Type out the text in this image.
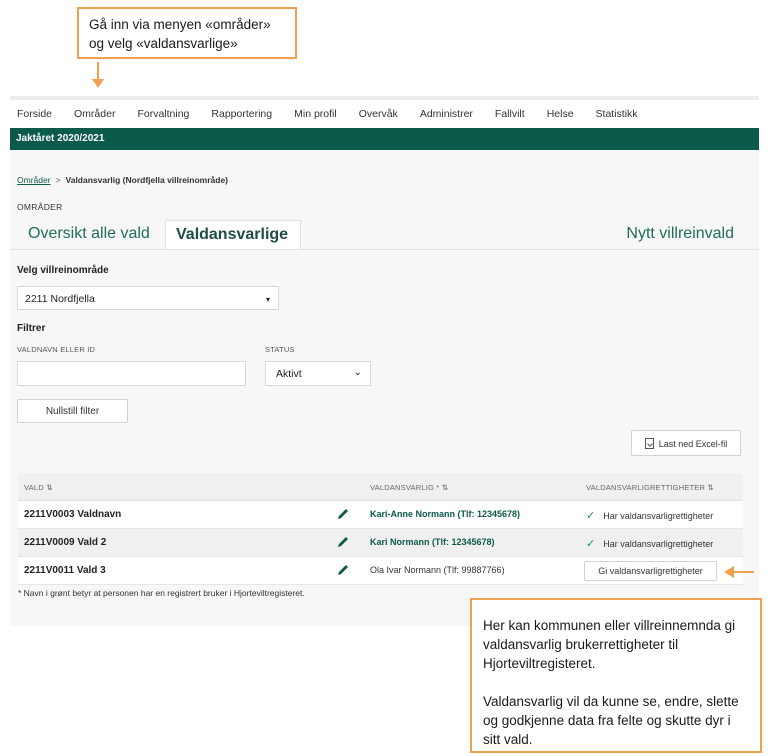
Gå inn via menyen «områder»
og velg «valdansvarlige»
Forside Områder Forvaltning Rapportering Min profil Overvåk Administrer Fallvilt Helse Statistikk
Jaktåret 2020/2021
Områder > Valdansvarlig (Nordfjella villreinområde)
OMRÅDER
Oversikt alle vald	Valdansvarlige	Nytt villreinvald
Velg villreinområde
2211 Nordfjella	▾
Filtrer
VALDNAVN ELLER ID	STATUS
Aktivt	⌄
Nullstill filter
Last ned Excel-fil
VALD ⇅	VALDANSVARLIG * ⇅	VALDANSVARLIGRETTIGHETER ⇅
2211V0003 Valdnavn	Kari-Anne Normann (Tlf: 12345678)	✓ Har valdansvarligrettigheter
2211V0009 Vald 2	Kari Normann (Tlf: 12345678)	✓ Har valdansvarligrettigheter
2211V0011 Vald 3	Ola Ivar Normann (Tlf: 99887766)	Gi valdansvarligrettigheter
* Navn i grønt betyr at personen har en registrert bruker i Hjorteviltregisteret.

Her kan kommunen eller villreinnemnda gi valdansvarlig brukerrettigheter til Hjorteviltregisteret.

Valdansvarlig vil da kunne se, endre, slette og godkjenne data fra felte og skutte dyr i sitt vald.
